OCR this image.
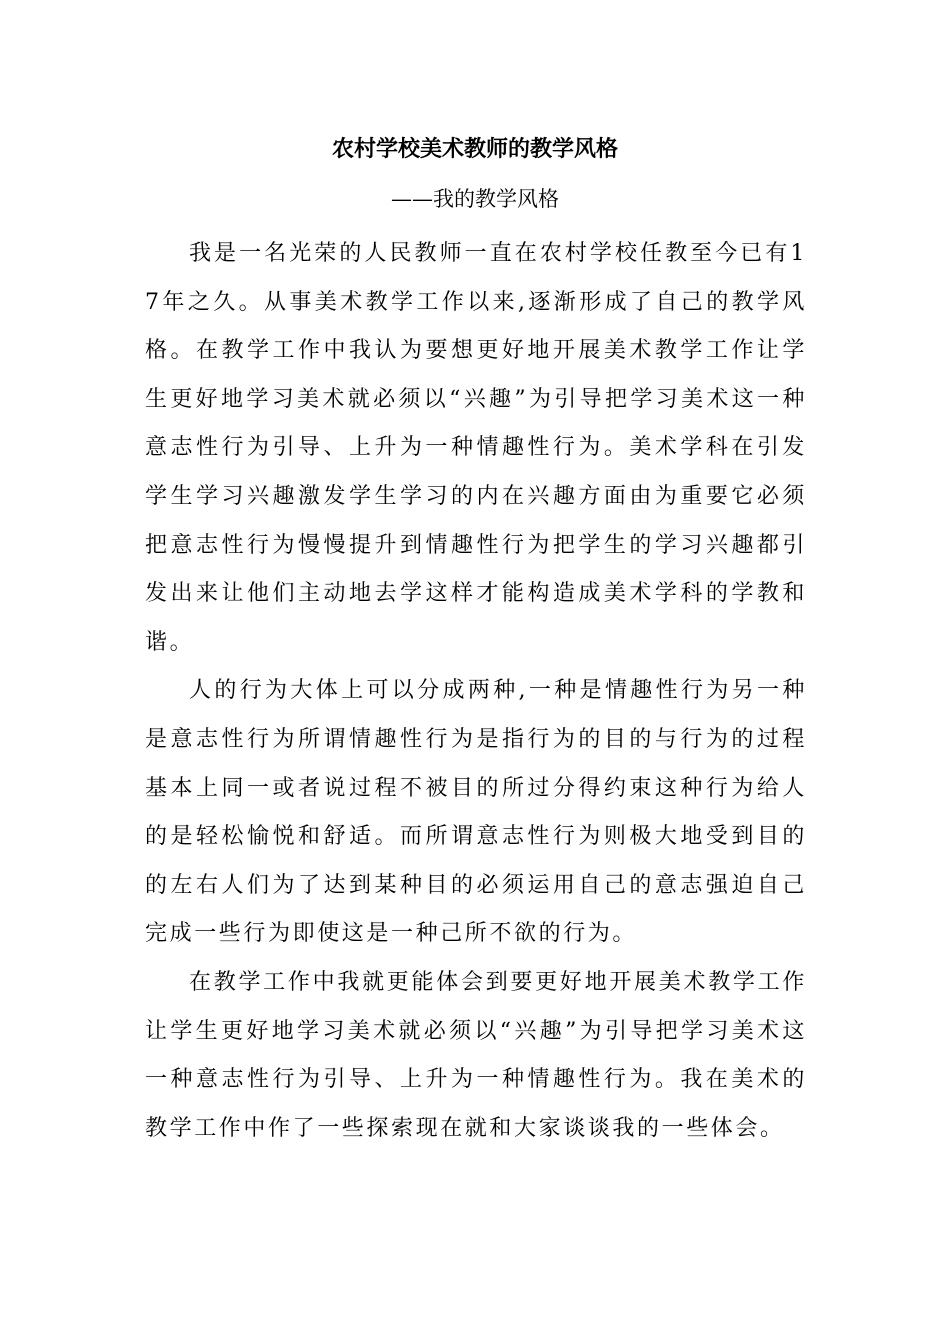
农村学校美术教师的教学风格
——我的教学风格

我是一名光荣的人民教师一直在农村学校任教至今已有17年之久。从事美术教学工作以来,逐渐形成了自己的教学风格。在教学工作中我认为要想更好地开展美术教学工作让学生更好地学习美术就必须以“兴趣”为引导把学习美术这一种意志性行为引导、上升为一种情趣性行为。美术学科在引发学生学习兴趣激发学生学习的内在兴趣方面由为重要它必须把意志性行为慢慢提升到情趣性行为把学生的学习兴趣都引发出来让他们主动地去学这样才能构造成美术学科的学教和谐。

人的行为大体上可以分成两种,一种是情趣性行为另一种是意志性行为所谓情趣性行为是指行为的目的与行为的过程基本上同一或者说过程不被目的所过分得约束这种行为给人的是轻松愉悦和舒适。而所谓意志性行为则极大地受到目的的左右人们为了达到某种目的必须运用自己的意志强迫自己完成一些行为即使这是一种己所不欲的行为。

在教学工作中我就更能体会到要更好地开展美术教学工作让学生更好地学习美术就必须以“兴趣”为引导把学习美术这一种意志性行为引导、上升为一种情趣性行为。我在美术的教学工作中作了一些探索现在就和大家谈谈我的一些体会。
